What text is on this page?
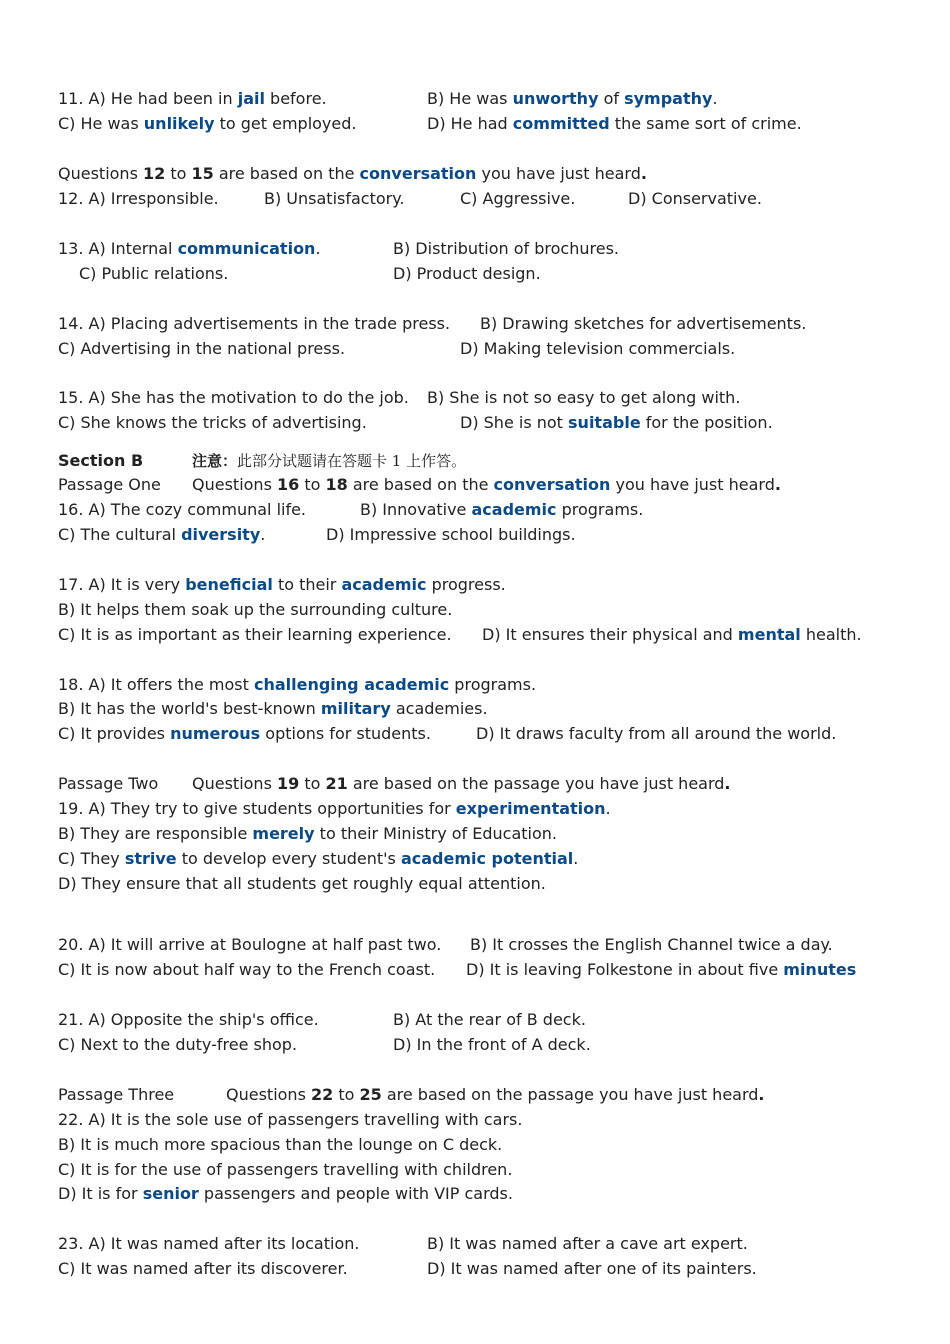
11. A) He had been in jail before.	B) He was unworthy of sympathy.
C) He was unlikely to get employed.	D) He had committed the same sort of crime.
Questions 12 to 15 are based on the conversation you have just heard.
12. A) Irresponsible.	B) Unsatisfactory.	C) Aggressive.	D) Conservative.
13. A) Internal communication.	B) Distribution of brochures.
C) Public relations.	D) Product design.
14. A) Placing advertisements in the trade press. B) Drawing sketches for advertisements.
C) Advertising in the national press.	D) Making television commercials.
15. A) She has the motivation to do the job. B) She is not so easy to get along with.
C) She knows the tricks of advertising.	D) She is not suitable for the position.
Section B	注意：此部分试题请在答题卡 1 上作答。
Passage One Questions 16 to 18 are based on the conversation you have just heard.
16. A) The cozy communal life.	B) Innovative academic programs.
C) The cultural diversity.	D) Impressive school buildings.
17. A) It is very beneficial to their academic progress.
B) It helps them soak up the surrounding culture.
C) It is as important as their learning experience. D) It ensures their physical and mental health.
18. A) It offers the most challenging academic programs.
B) It has the world's best-known military academies.
C) It provides numerous options for students.	D) It draws faculty from all around the world.
Passage Two Questions 19 to 21 are based on the passage you have just heard.
19. A) They try to give students opportunities for experimentation.
B) They are responsible merely to their Ministry of Education.
C) They strive to develop every student's academic potential.
D) They ensure that all students get roughly equal attention.
20. A) It will arrive at Boulogne at half past two. B) It crosses the English Channel twice a day.
C) It is now about half way to the French coast. D) It is leaving Folkestone in about five minutes
21. A) Opposite the ship's office.	B) At the rear of B deck.
C) Next to the duty-free shop.	D) In the front of A deck.
Passage Three	Questions 22 to 25 are based on the passage you have just heard.
22. A) It is the sole use of passengers travelling with cars.
B) It is much more spacious than the lounge on C deck.
C) It is for the use of passengers travelling with children.
D) It is for senior passengers and people with VIP cards.
23. A) It was named after its location.	B) It was named after a cave art expert.
C) It was named after its discoverer.	D) It was named after one of its painters.
